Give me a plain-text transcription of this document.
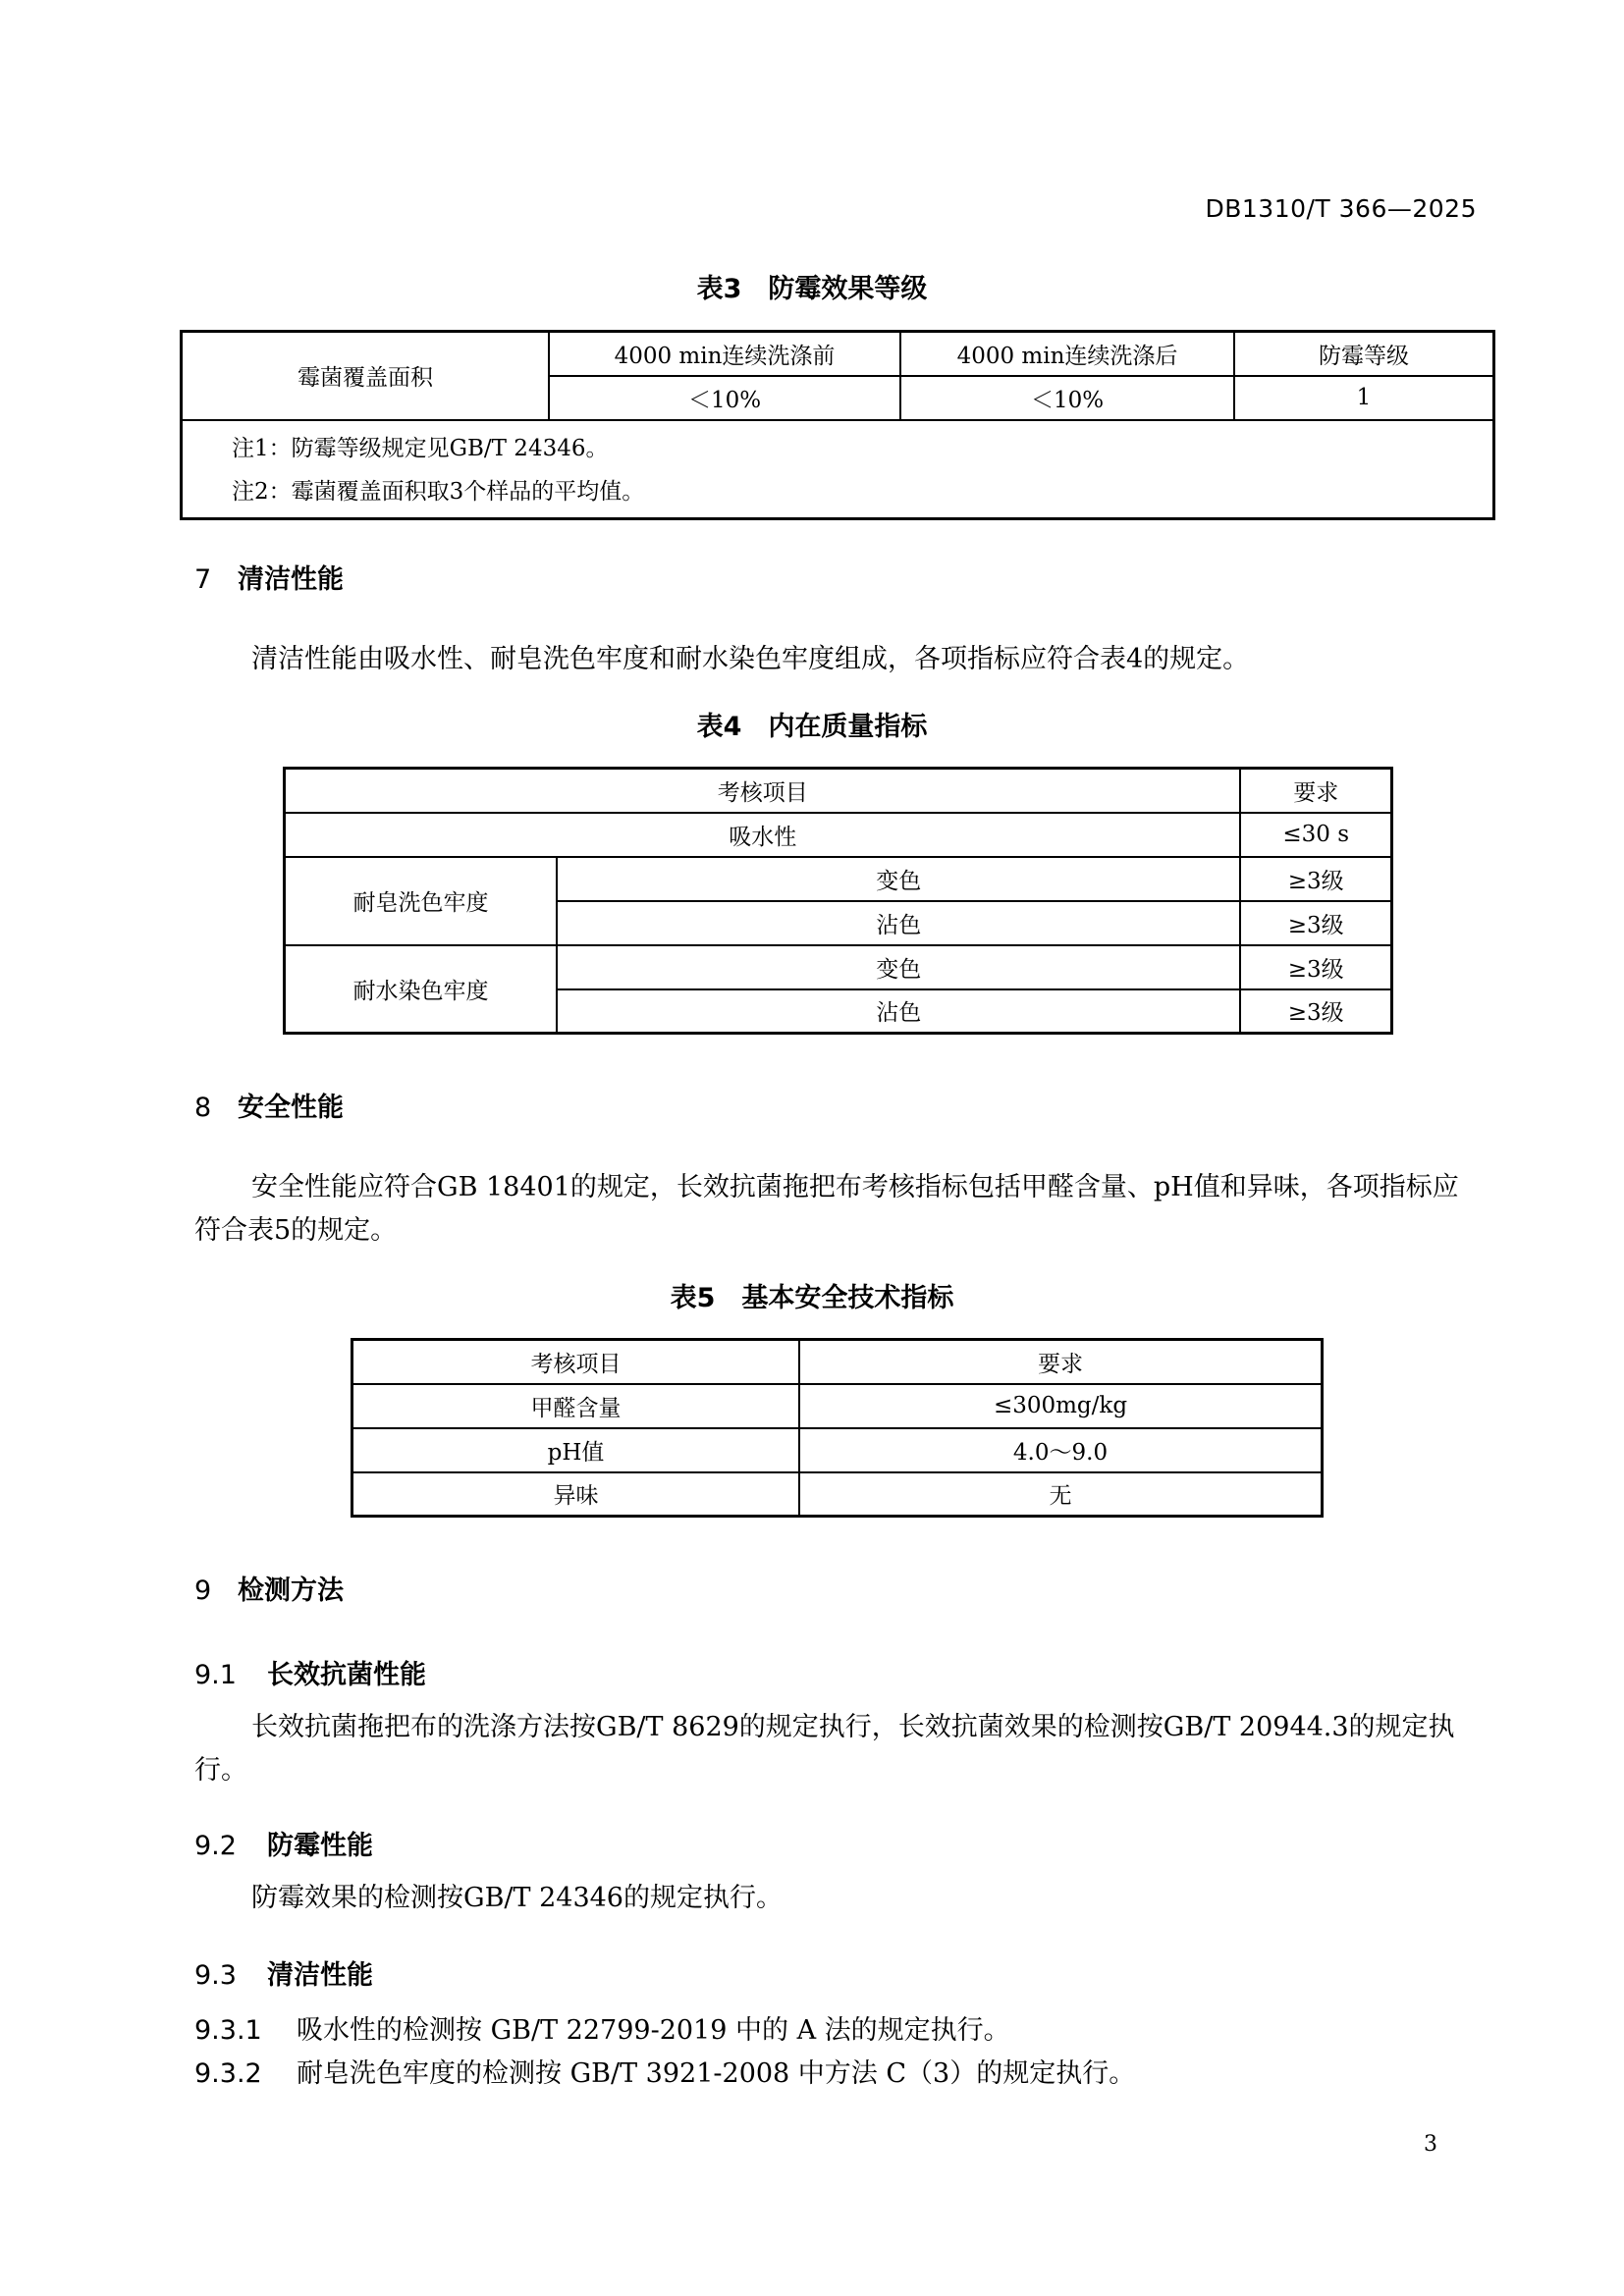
DB1310/T 366—2025
表3　防霉效果等级
霉菌覆盖面积	4000 min连续洗涤前	4000 min连续洗涤后	防霉等级
	＜10%	＜10%	1

注1：防霉等级规定见GB/T 24346。
注2：霉菌覆盖面积取3个样品的平均值。			
7 清洁性能
清洁性能由吸水性、耐皂洗色牢度和耐水染色牢度组成，各项指标应符合表4的规定。
表4　内在质量指标
考核项目		要求
吸水性		≤30 s
耐皂洗色牢度	变色	≥3级
	沾色	≥3级
耐水染色牢度	变色	≥3级
	沾色	≥3级
8 安全性能
安全性能应符合GB 18401的规定，长效抗菌拖把布考核指标包括甲醛含量、pH值和异味，各项指标应符合表5的规定。
表5　基本安全技术指标
考核项目	要求
甲醛含量	≤300mg/kg
pH值	4.0～9.0
异味	无
9 检测方法
9.1 长效抗菌性能
长效抗菌拖把布的洗涤方法按GB/T 8629的规定执行，长效抗菌效果的检测按GB/T 20944.3的规定执行。
9.2 防霉性能
防霉效果的检测按GB/T 24346的规定执行。
9.3 清洁性能
9.3.1 吸水性的检测按 GB/T 22799-2019 中的 A 法的规定执行。
9.3.2 耐皂洗色牢度的检测按 GB/T 3921-2008 中方法 C（3）的规定执行。
3
